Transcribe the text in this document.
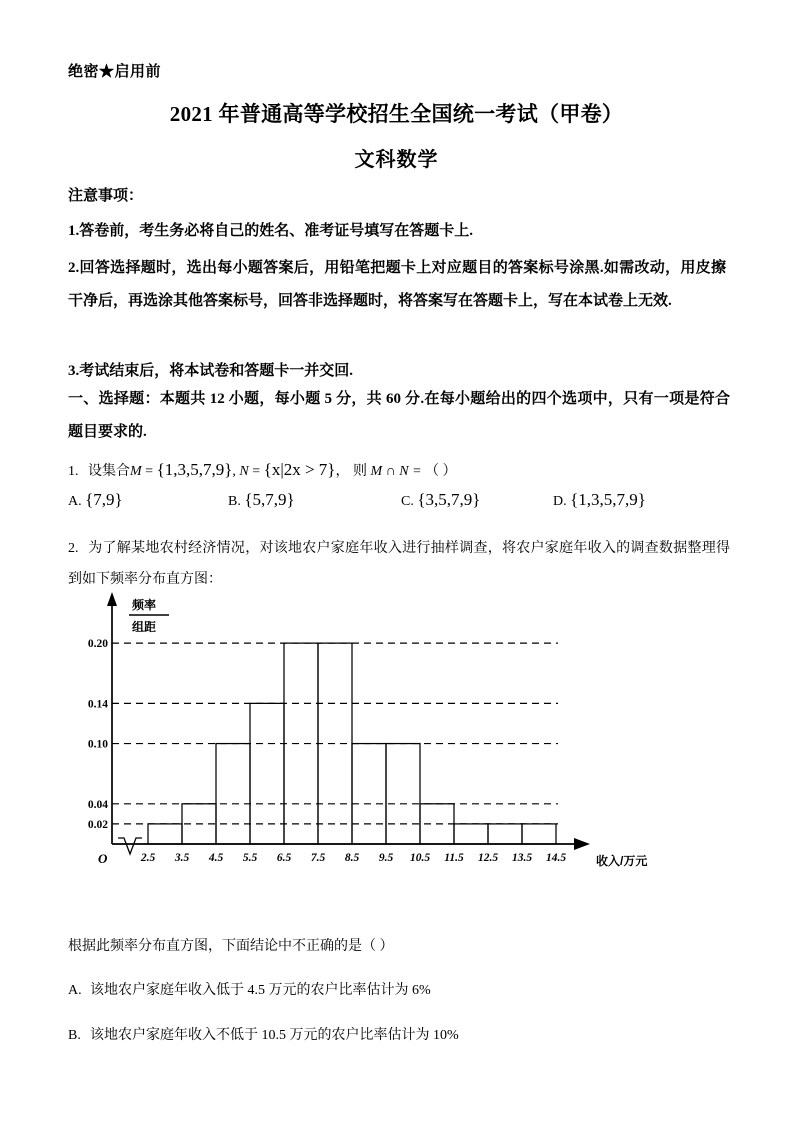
绝密★启用前
2021 年普通高等学校招生全国统一考试（甲卷）
文科数学
注意事项：
1.答卷前，考生务必将自己的姓名、准考证号填写在答题卡上.
2.回答选择题时，选出每小题答案后，用铅笔把题卡上对应题目的答案标号涂黑.如需改动，用皮擦干净后，再选涂其他答案标号，回答非选择题时，将答案写在答题卡上，写在本试卷上无效.
3.考试结束后，将本试卷和答题卡一并交回.
一、选择题：本题共 12 小题，每小题 5 分，共 60 分.在每小题给出的四个选项中，只有一项是符合题目要求的.
1. 设集合M = {1,3,5,7,9}, N = {x|2x > 7}， 则 M ∩ N = （ ）
A. {7,9}	B. {5,7,9}	C. {3,5,7,9}	D. {1,3,5,7,9}
2. 为了解某地农村经济情况，对该地农户家庭年收入进行抽样调查，将农户家庭年收入的调查数据整理得到如下频率分布直方图：
2.5 3.5 4.5 5.5 6.5 7.5 8.5 9.5 10.5 11.5 12.5 13.5 14.5
0.02
0.04
0.10
0.14
0.20
频率
组距
收入/万元
O
根据此频率分布直方图，下面结论中不正确的是（ ）
A. 该地农户家庭年收入低于 4.5 万元的农户比率估计为 6%
B. 该地农户家庭年收入不低于 10.5 万元的农户比率估计为 10%
